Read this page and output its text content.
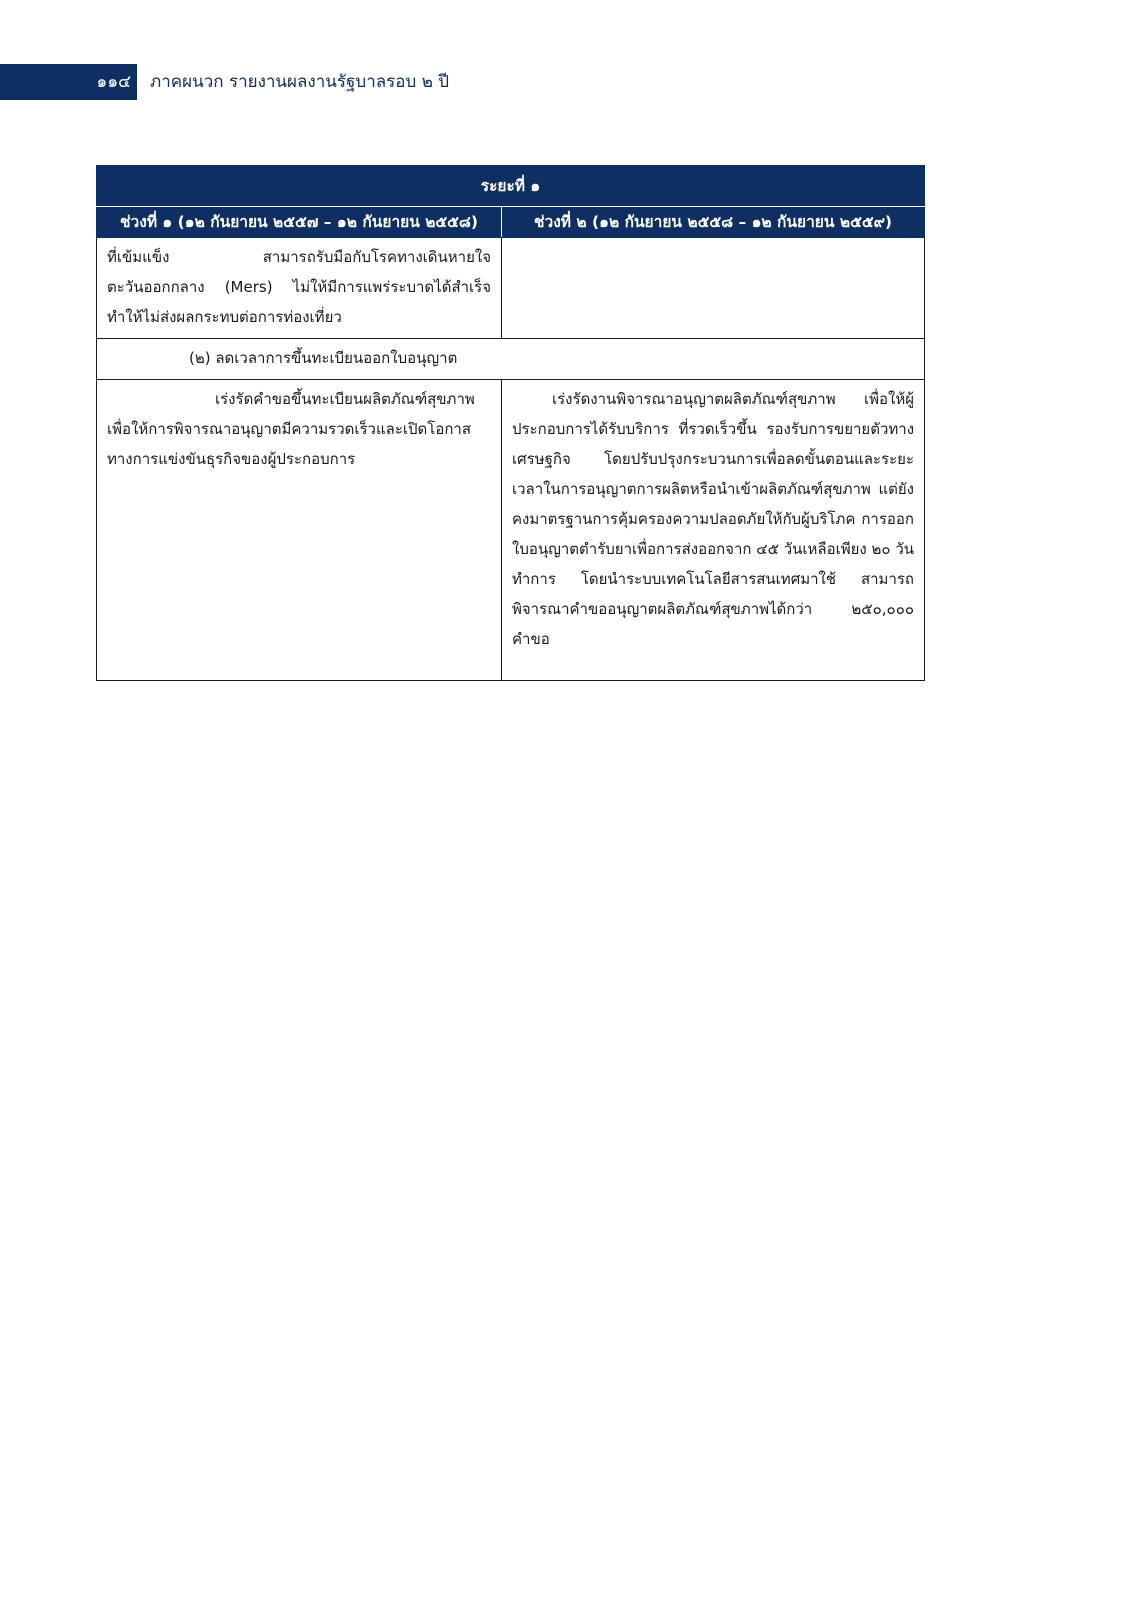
๑๑๔	ภาคผนวก รายงานผลงานรัฐบาลรอบ ๒ ปี
ระยะที่ ๑	
ช่วงที่ ๑ (๑๒ กันยายน ๒๕๕๗ – ๑๒ กันยายน ๒๕๕๘)	ช่วงที่ ๒ (๑๒ กันยายน ๒๕๕๘ – ๑๒ กันยายน ๒๕๕๙)
ที่เข้มแข็ง สามารถรับมือกับโรคทางเดินหายใจตะวันออกกลาง (Mers) ไม่ให้มีการแพร่ระบาดได้สำเร็จ ทำให้ไม่ส่งผลกระทบต่อการท่องเที่ยว	
(๒) ลดเวลาการขึ้นทะเบียนออกใบอนุญาต	
เร่งรัดคำขอขึ้นทะเบียนผลิตภัณฑ์สุขภาพ เพื่อให้การพิจารณาอนุญาตมีความรวดเร็วและเปิดโอกาสทางการแข่งขันธุรกิจของผู้ประกอบการ	เร่งรัดงานพิจารณาอนุญาตผลิตภัณฑ์สุขภาพ เพื่อให้ผู้ประกอบการได้รับบริการ ที่รวดเร็วขึ้น รองรับการขยายตัวทางเศรษฐกิจ โดยปรับปรุงกระบวนการเพื่อลดขั้นตอนและระยะเวลาในการอนุญาตการผลิตหรือนำเข้าผลิตภัณฑ์สุขภาพ แต่ยังคงมาตรฐานการคุ้มครองความปลอดภัยให้กับผู้บริโภค การออกใบอนุญาตตำรับยาเพื่อการส่งออกจาก ๔๕ วันเหลือเพียง ๒๐ วันทำการ โดยนำระบบเทคโนโลยีสารสนเทศมาใช้ สามารถพิจารณาคำขออนุญาตผลิตภัณฑ์สุขภาพได้กว่า ๒๕๐,๐๐๐ คำขอ
